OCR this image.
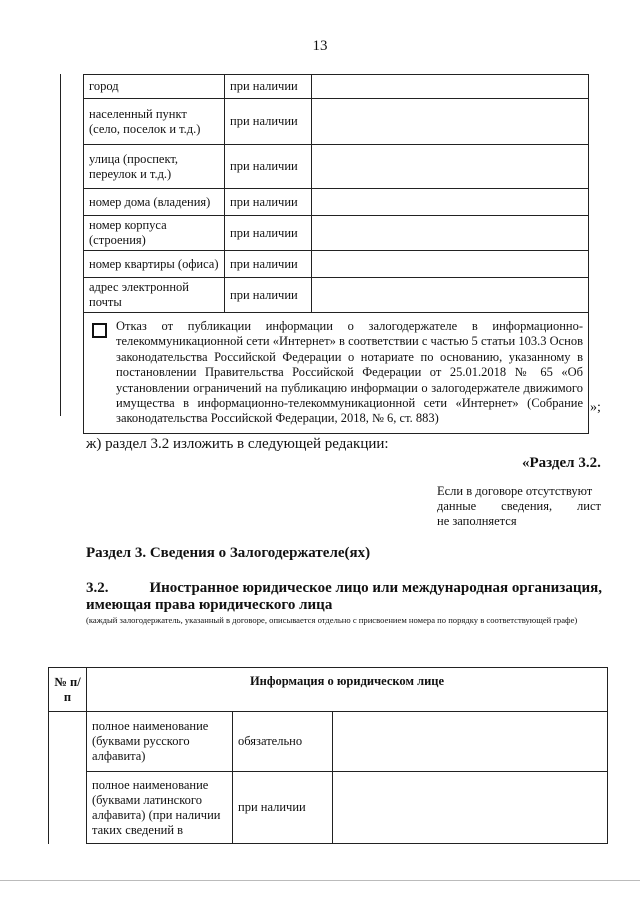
13
город	при наличии	
населенный пункт (село, поселок и т.д.)	при наличии	
улица (проспект, переулок и т.д.)	при наличии	
номер дома (владения)	при наличии	
номер корпуса (строения)	при наличии	
номер квартиры (офиса)	при наличии	
адрес электронной почты	при наличии	

Отказ от публикации информации о залогодержателе в информационно-телекоммуникационной сети «Интернет» в соответствии с частью 5 статьи 103.3 Основ законодательства Российской Федерации о нотариате по основанию, указанному в постановлении Правительства Российской Федерации от 25.01.2018 № 65 «Об установлении ограничений на публикацию информации о залогодержателе движимого имущества в информационно-телекоммуникационной сети «Интернет» (Собрание законодательства Российской Федерации, 2018, № 6, ст. 883)		
»;
ж) раздел 3.2 изложить в следующей редакции:
«Раздел 3.2.
Если в договоре отсутствуют
данные сведения, лист
не заполняется
Раздел 3. Сведения о Залогодержателе(ях)
3.2.	Иностранное юридическое лицо или международная организация,
имеющая права юридического лица
(каждый залогодержатель, указанный в договоре, описывается отдельно с присвоением номера по порядку в соответствующей графе)
№ п/п	Информация о юридическом лице		
	полное наименование (буквами русского алфавита)	обязательно	
	полное наименование (буквами латинского алфавита) (при наличии таких сведений в	при наличии	
